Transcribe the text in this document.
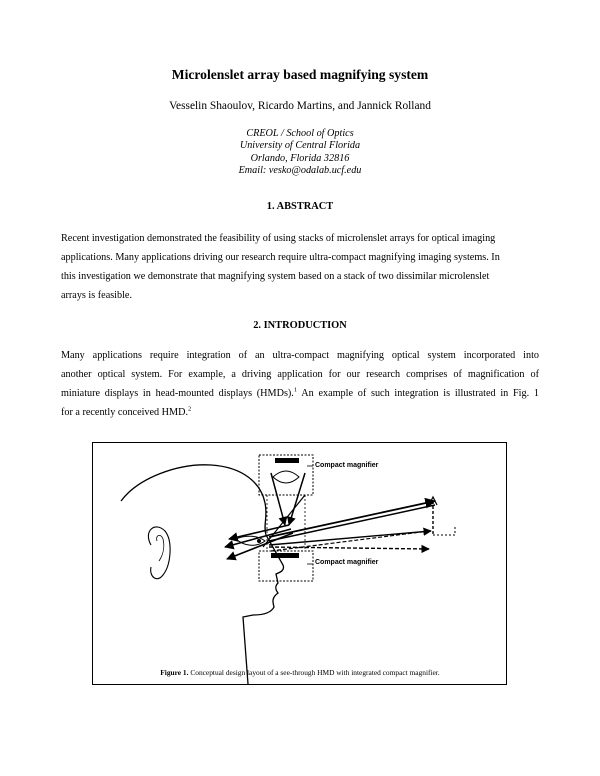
Microlenslet array based magnifying system
Vesselin Shaoulov, Ricardo Martins, and Jannick Rolland
CREOL / School of Optics
University of Central Florida
Orlando, Florida 32816
Email: vesko@odalab.ucf.edu
1. ABSTRACT
Recent investigation demonstrated the feasibility of using stacks of microlenslet arrays for optical imaging
applications. Many applications driving our research require ultra-compact magnifying imaging systems. In
this investigation we demonstrate that magnifying system based on a stack of two dissimilar microlenslet
arrays is feasible.
2. INTRODUCTION
Many applications require integration of an ultra-compact magnifying optical system incorporated into
another optical system. For example, a driving application for our research comprises of magnification of
miniature displays in head-mounted displays (HMDs).$^1$ An example of such integration is illustrated in Fig. 1
for a recently conceived HMD.$^2$
Compact magnifier
Compact magnifier
Figure 1. Conceptual design layout of a see-through HMD with integrated compact magnifier.
